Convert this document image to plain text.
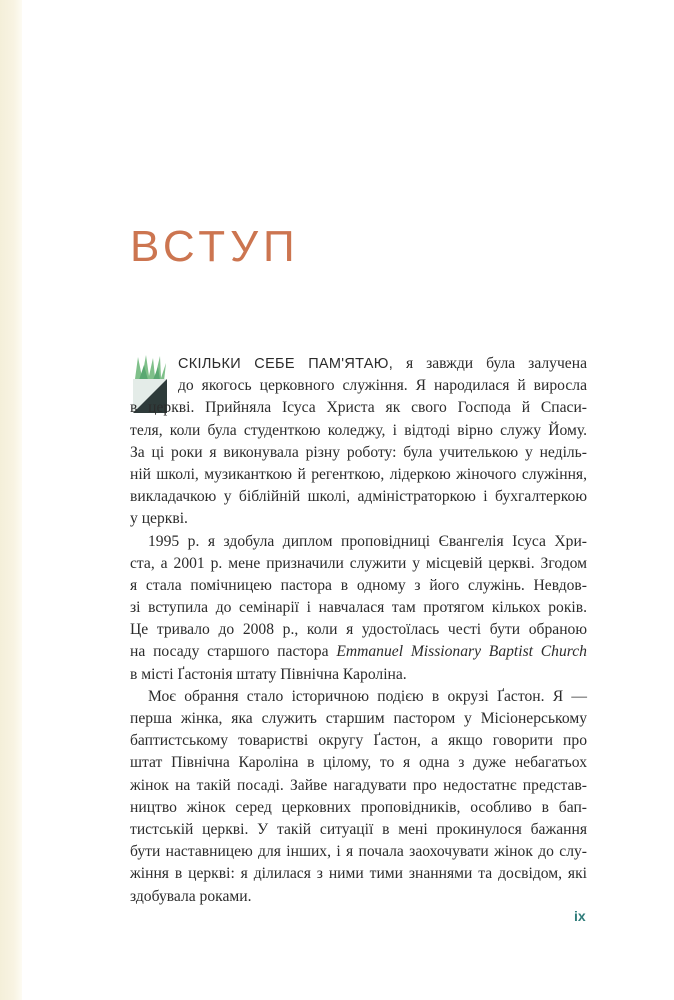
ВСТУП
СКІЛЬКИ СЕБЕ ПАМ'ЯТАЮ, я завжди була залучена
до якогось церковного служіння. Я народилася й виросла
в церкві. Прийняла Ісуса Христа як свого Господа й Спаси-
теля, коли була студенткою коледжу, і відтоді вірно служу Йому.
За ці роки я виконувала різну роботу: була учителькою у неділь-
ній школі, музиканткою й регенткою, лідеркою жіночого служіння,
викладачкою у біблійній школі, адміністраторкою і бухгалтеркою
у церкві.
1995 р. я здобула диплом проповідниці Євангелія Ісуса Хри-
ста, а 2001 р. мене призначили служити у місцевій церкві. Згодом
я стала помічницею пастора в одному з його служінь. Невдов-
зі вступила до семінарії і навчалася там протягом кількох років.
Це тривало до 2008 р., коли я удостоїлась честі бути обраною
на посаду старшого пастора Emmanuel Missionary Baptist Church
в місті Ґастонія штату Північна Кароліна.
Моє обрання стало історичною подією в окрузі Ґастон. Я —
перша жінка, яка служить старшим пастором у Місіонерському
баптистському товаристві округу Ґастон, а якщо говорити про
штат Північна Кароліна в цілому, то я одна з дуже небагатьох
жінок на такій посаді. Зайве нагадувати про недостатнє представ-
ництво жінок серед церковних проповідників, особливо в бап-
тистській церкві. У такій ситуації в мені прокинулося бажання
бути наставницею для інших, і я почала заохочувати жінок до слу-
жіння в церкві: я ділилася з ними тими знаннями та досвідом, які
здобувала роками.
ix
